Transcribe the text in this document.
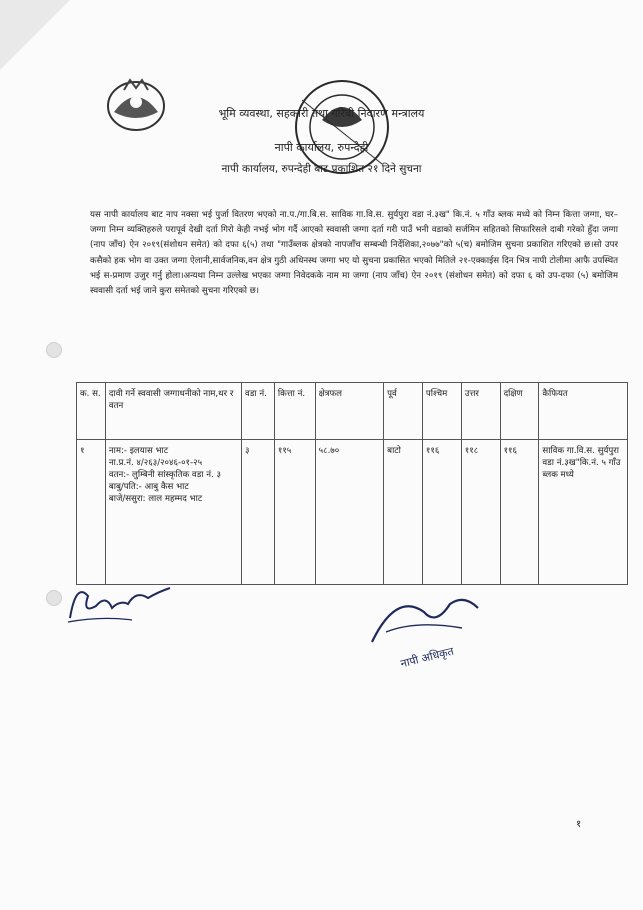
भूमि व्यवस्था, सहकारी तथा गरिबी निवारण मन्त्रालय
नापी कार्यालय, रुपन्देही
नापी कार्यालय, रुपन्देही बाट प्रकाशित २१ दिने सुचना
यस नापी कार्यालय बाट नाप नक्सा भई पुर्जा वितरण भएको ना.प./गा.बि.स. साविक गा.वि.स. सुर्यपुरा वडा नं.३ख" कि.नं. ५ गाँउ ब्लक मध्ये को निम्न कित्ता जग्गा, घर–जग्गा निम्न व्यक्तिहरुले परापूर्व देखी दर्ता गिरो केही नभई भोग गर्दै आएको स्ववासी जग्गा दर्ता गरी पाउँ भनी वडाको सर्जमिन सहितको सिफारिसले दाबी गरेको हुँदा जग्गा (नाप जाँच) ऐन २०१९(संशोधन समेत) को दफा ६(५) तथा "गाउँब्लक क्षेत्रको नापजाँच सम्बन्धी निर्देशिका,२०७७"को ५(च) बमोजिम सुचना प्रकाशित गरिएको छ।सो उपर कसैको हक भोग वा उक्त जग्गा ऐलानी,सार्वजनिक,वन क्षेत्र गुठी अधिनस्थ जग्गा भए यो सुचना प्रकासित भएको मितिले २१-एक्काईस दिन भित्र नापी टोलीमा आफै उपस्थित भई स-प्रमाण उजुर गर्नु होला।अन्यथा निम्न उल्लेख भएका जग्गा निवेदकके नाम मा जग्गा (नाप जाँच) ऐन २०१९ (संशोधन समेत) को दफा ६ को उप-दफा (५) बमोजिम स्ववासी दर्ता भई जाने कुरा समेतको सुचना गरिएको छ।
क. स.	दावी गर्ने स्ववासी जग्गाधनीको नाम,थर र वतन	वडा नं.	कित्ता नं.	क्षेत्रफल	पूर्व	पश्चिम	उत्तर	दक्षिण	कैफियत
१	नाम:- इलयास भाट
ना.प्र.नं. ४/२६३/२०४६-०१-२५
वतन:- लुम्बिनी सांस्कृतिक वडा नं. ३
बाबु/पति:- आबु कैस भाट
बाजे/ससुरा: लाल महम्मद भाट	३	११५	५८.७०	बाटो	११६	११८	११६	साविक गा.वि.स. सुर्यपुरा वडा नं.३ख"कि.नं. ५ गाँउ ब्लक मध्ये
नापी अधिकृत
१
